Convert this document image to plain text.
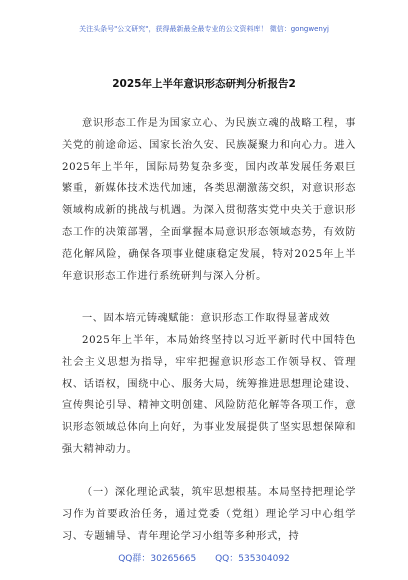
关注头条号"公文研究"，获得最新最全最专业的公文资料库！ 微信：gongwenyj
2025年上半年意识形态研判分析报告2
意识形态工作是为国家立心、为民族立魂的战略工程，事关党的前途命运、国家长治久安、民族凝聚力和向心力。进入2025年上半年，国际局势复杂多变，国内改革发展任务艰巨繁重，新媒体技术迭代加速，各类思潮激荡交织，对意识形态领域构成新的挑战与机遇。为深入贯彻落实党中央关于意识形态工作的决策部署，全面掌握本局意识形态领域态势，有效防范化解风险，确保各项事业健康稳定发展，特对2025年上半年意识形态工作进行系统研判与深入分析。
一、固本培元铸魂赋能：意识形态工作取得显著成效
2025年上半年，本局始终坚持以习近平新时代中国特色社会主义思想为指导，牢牢把握意识形态工作领导权、管理权、话语权，围绕中心、服务大局，统筹推进思想理论建设、宣传舆论引导、精神文明创建、风险防范化解等各项工作，意识形态领域总体向上向好，为事业发展提供了坚实思想保障和强大精神动力。
（一）深化理论武装，筑牢思想根基。本局坚持把理论学习作为首要政治任务，通过党委（党组）理论学习中心组学习、专题辅导、青年理论学习小组等多种形式，持
QQ群：30265665 QQ：535304092
